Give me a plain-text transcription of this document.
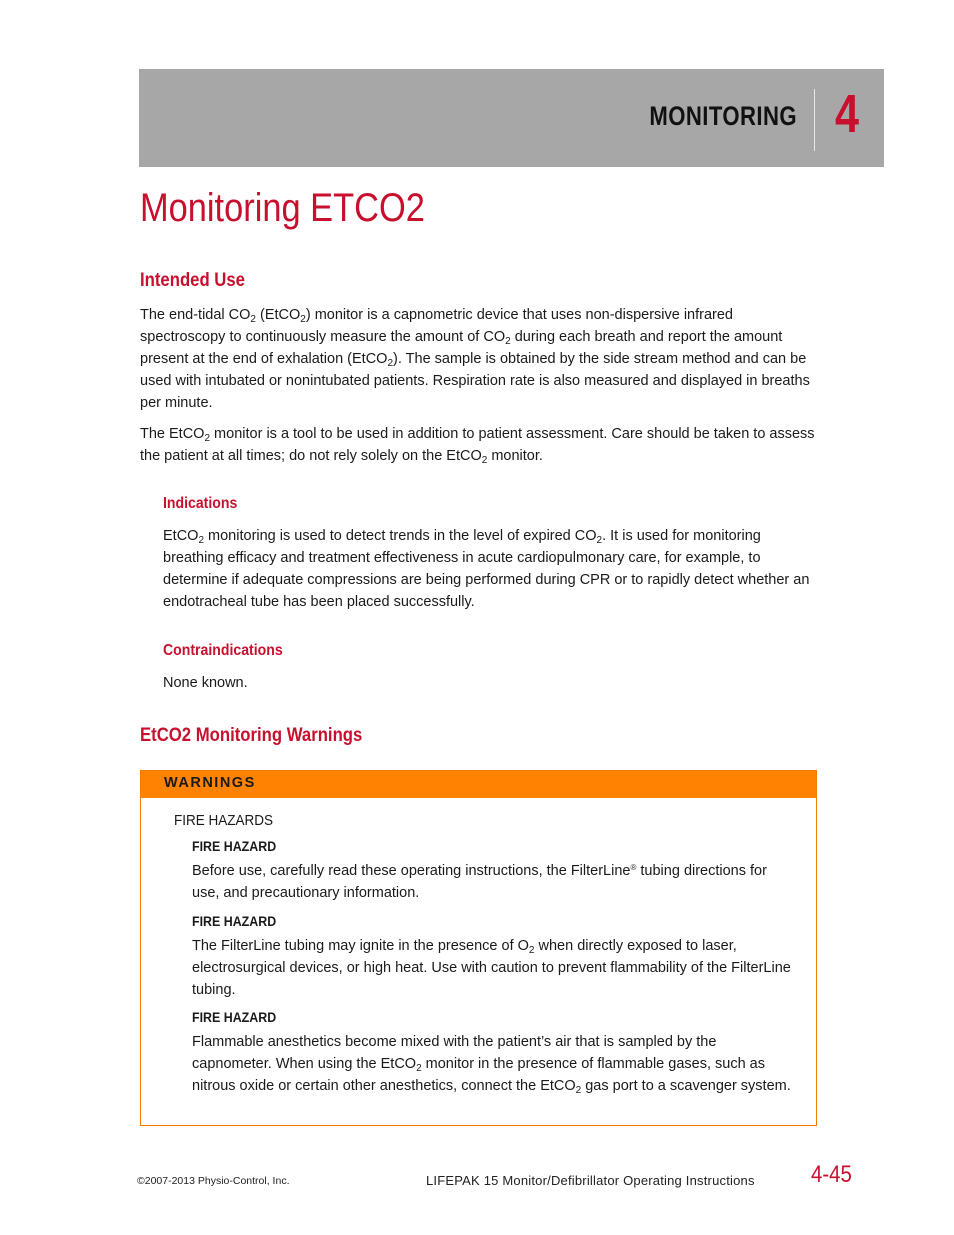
MONITORING 4
Monitoring ETCO2
Intended Use

The end-tidal $CO_2$ (EtCO$_2$) monitor is a capnometric device that uses non-dispersive infrared spectroscopy to continuously measure the amount of $CO_2$ during each breath and report the amount present at the end of exhalation (EtCO$_2$). The sample is obtained by the side stream method and can be used with intubated or nonintubated patients. Respiration rate is also measured and displayed in breaths per minute.

The EtCO$_2$ monitor is a tool to be used in addition to patient assessment. Care should be taken to assess the patient at all times; do not rely solely on the EtCO$_2$ monitor.

Indications

EtCO$_2$ monitoring is used to detect trends in the level of expired $CO_2$. It is used for monitoring breathing efficacy and treatment effectiveness in acute cardiopulmonary care, for example, to determine if adequate compressions are being performed during CPR or to rapidly detect whether an endotracheal tube has been placed successfully.

Contraindications

None known.

EtCO2 Monitoring Warnings
WARNINGS
FIRE HAZARDS
FIRE HAZARD

Before use, carefully read these operating instructions, the FilterLine® tubing directions for use, and precautionary information.

FIRE HAZARD

The FilterLine tubing may ignite in the presence of $O_2$ when directly exposed to laser, electrosurgical devices, or high heat. Use with caution to prevent flammability of the FilterLine tubing.

FIRE HAZARD

Flammable anesthetics become mixed with the patient’s air that is sampled by the capnometer. When using the EtCO$_2$ monitor in the presence of flammable gases, such as nitrous oxide or certain other anesthetics, connect the EtCO$_2$ gas port to a scavenger system.

©2007-2013 Physio-Control, Inc.	LIFEPAK 15 Monitor/Defibrillator Operating Instructions 4-45
